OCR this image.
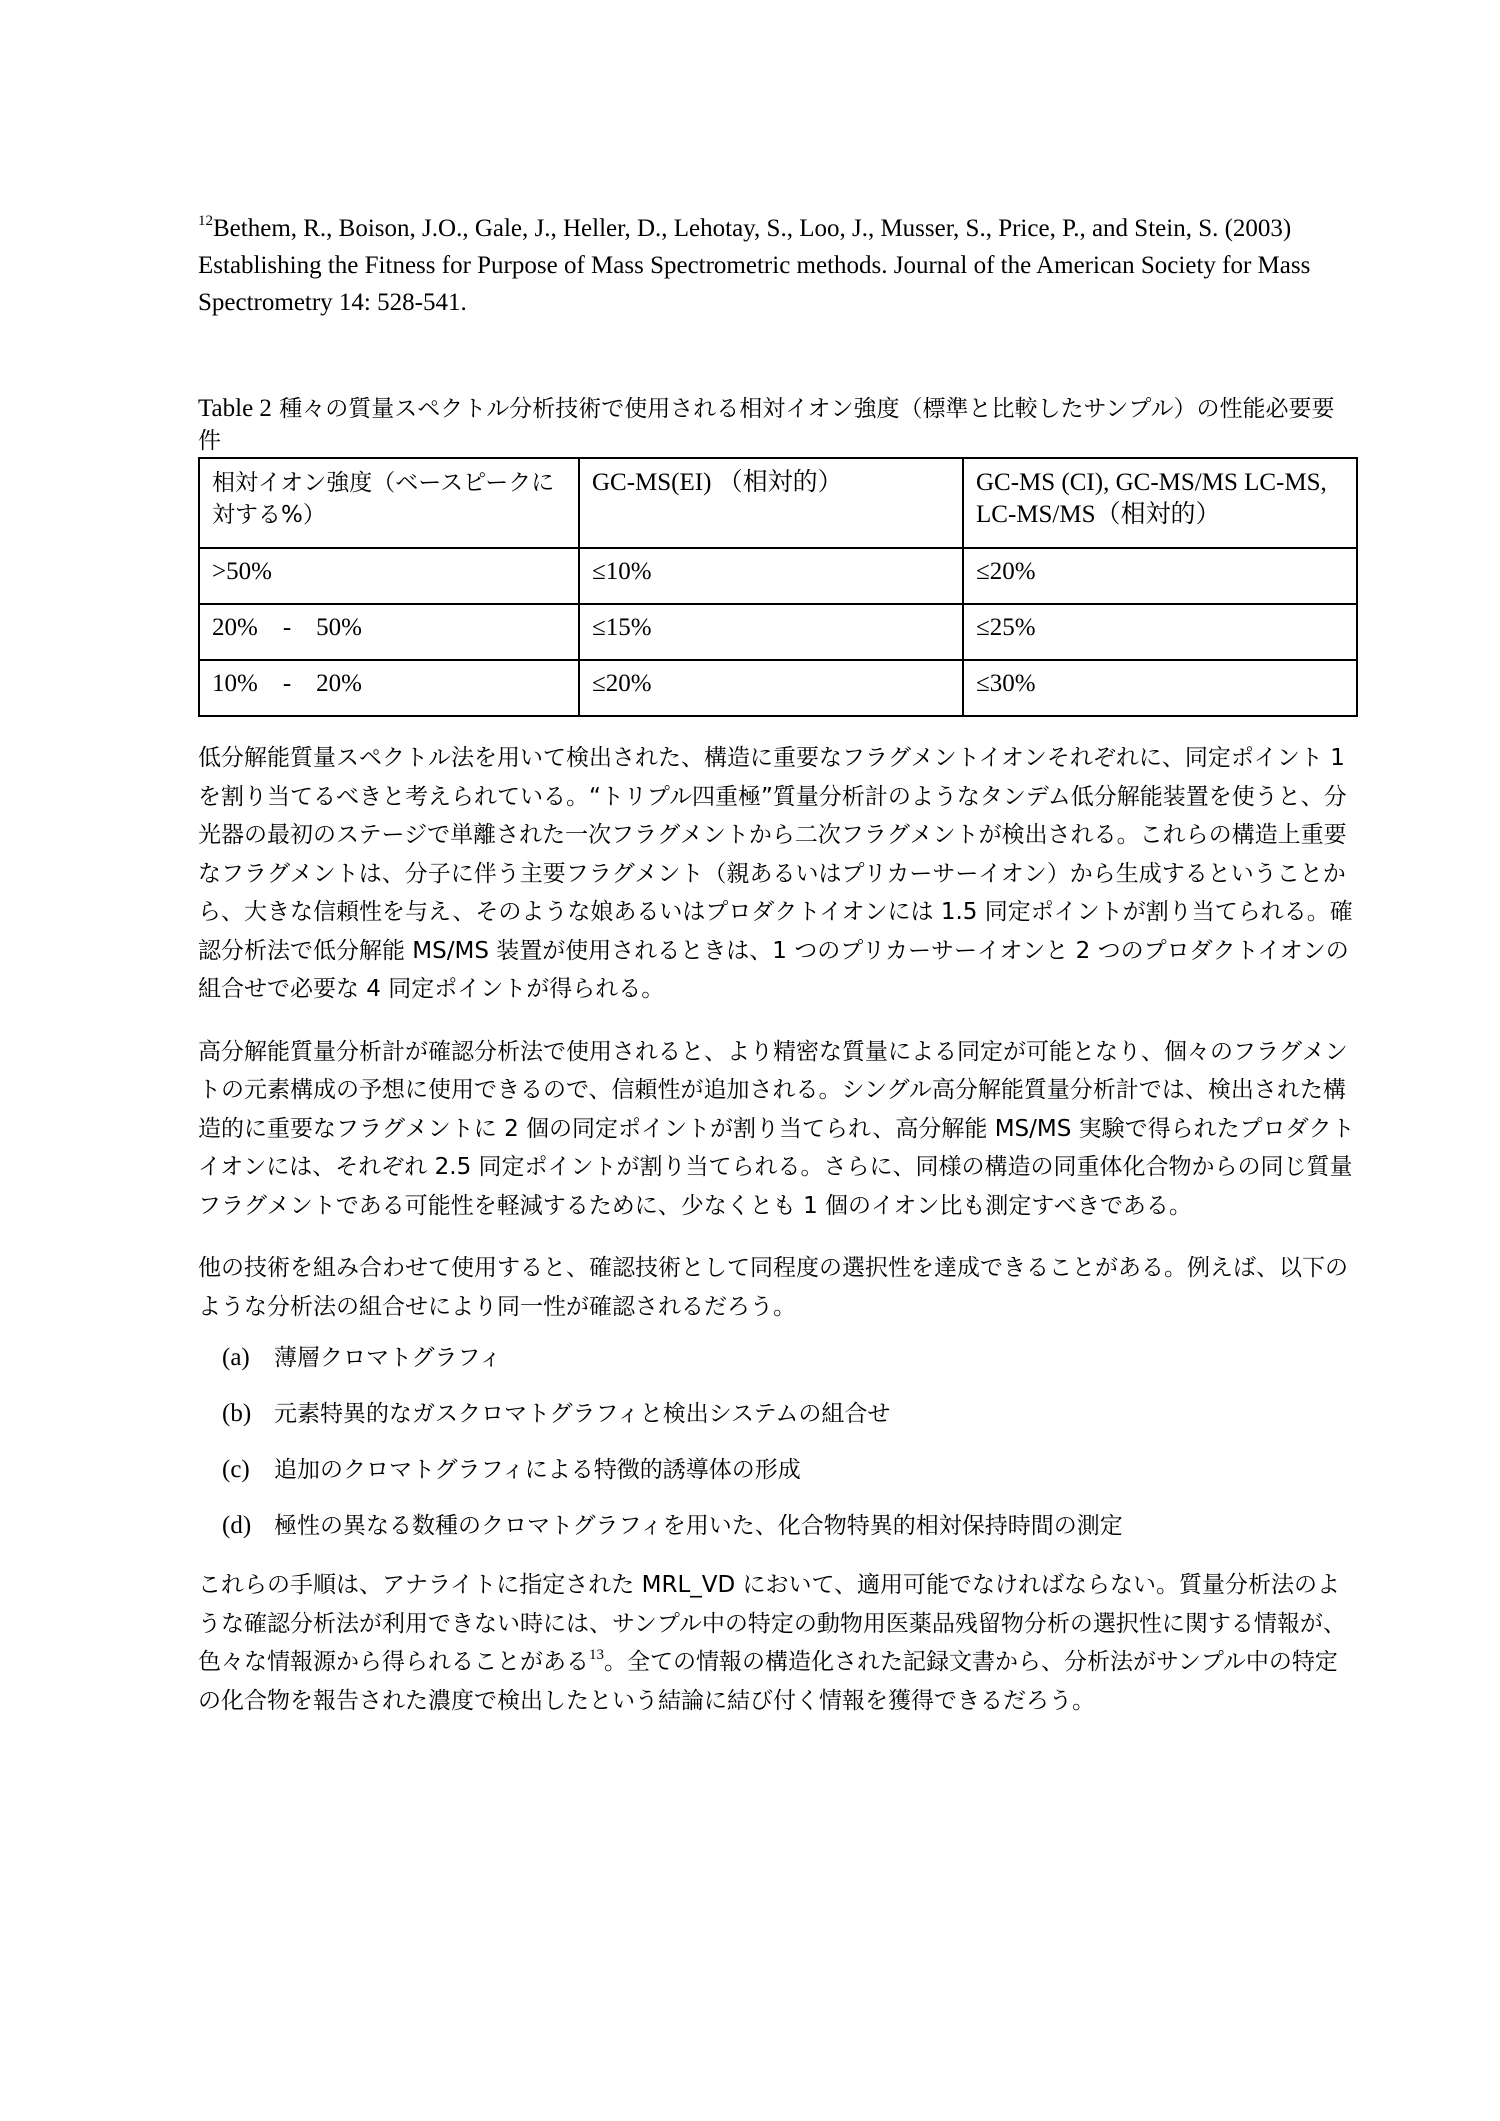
$^{12}$Bethem, R., Boison, J.O., Gale, J., Heller, D., Lehotay, S., Loo, J., Musser, S., Price, P., and Stein, S. (2003) Establishing the Fitness for Purpose of Mass Spectrometric methods. Journal of the American Society for Mass Spectrometry 14: 528-541.

Table 2 種々の質量スペクトル分析技術で使用される相対イオン強度（標準と比較したサンプル）の性能必要要件
相対イオン強度（ベースピークに対する%）	GC-MS(EI) （相対的）	GC-MS (CI), GC-MS/MS LC-MS, LC-MS/MS（相対的）
>50%	≤10%	≤20%
20%　-　50%	≤15%	≤25%
10%　-　20%	≤20%	≤30%

低分解能質量スペクトル法を用いて検出された、構造に重要なフラグメントイオンそれぞれに、同定ポイント 1 を割り当てるべきと考えられている。“トリプル四重極”質量分析計のようなタンデム低分解能装置を使うと、分光器の最初のステージで単離された一次フラグメントから二次フラグメントが検出される。これらの構造上重要なフラグメントは、分子に伴う主要フラグメント（親あるいはプリカーサーイオン）から生成するということから、大きな信頼性を与え、そのような娘あるいはプロダクトイオンには 1.5 同定ポイントが割り当てられる。確認分析法で低分解能 MS/MS 装置が使用されるときは、1 つのプリカーサーイオンと 2 つのプロダクトイオンの組合せで必要な 4 同定ポイントが得られる。

高分解能質量分析計が確認分析法で使用されると、より精密な質量による同定が可能となり、個々のフラグメントの元素構成の予想に使用できるので、信頼性が追加される。シングル高分解能質量分析計では、検出された構造的に重要なフラグメントに 2 個の同定ポイントが割り当てられ、高分解能 MS/MS 実験で得られたプロダクトイオンには、それぞれ 2.5 同定ポイントが割り当てられる。さらに、同様の構造の同重体化合物からの同じ質量フラグメントである可能性を軽減するために、少なくとも 1 個のイオン比も測定すべきである。

他の技術を組み合わせて使用すると、確認技術として同程度の選択性を達成できることがある。例えば、以下のような分析法の組合せにより同一性が確認されるだろう。

(a) 薄層クロマトグラフィ
(b) 元素特異的なガスクロマトグラフィと検出システムの組合せ
(c) 追加のクロマトグラフィによる特徴的誘導体の形成
(d) 極性の異なる数種のクロマトグラフィを用いた、化合物特異的相対保持時間の測定

これらの手順は、アナライトに指定された MRL_VD において、適用可能でなければならない。質量分析法のような確認分析法が利用できない時には、サンプル中の特定の動物用医薬品残留物分析の選択性に関する情報が、色々な情報源から得られることがある$^{13}$。全ての情報の構造化された記録文書から、分析法がサンプル中の特定の化合物を報告された濃度で検出したという結論に結び付く情報を獲得できるだろう。
